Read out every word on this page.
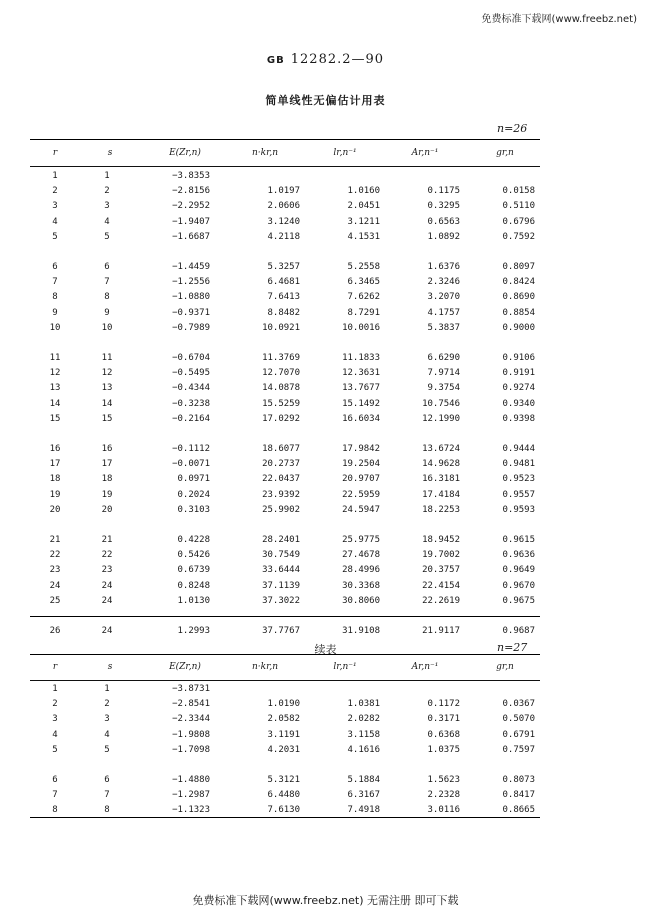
免费标准下载网(www.freebz.net)
GB 12282.2—90
简单线性无偏估计用表
n=26
r	s	E(Zr,n)	n·kr,n	lr,n⁻¹	Ar,n⁻¹	gr,n
1	1	−3.8353
2	2	−2.8156	1.0197	1.0160	0.1175	0.0158
3	3	−2.2952	2.0606	2.0451	0.3295	0.5110
4	4	−1.9407	3.1240	3.1211	0.6563	0.6796
5	5	−1.6687	4.2118	4.1531	1.0892	0.7592
6	6	−1.4459	5.3257	5.2558	1.6376	0.8097
7	7	−1.2556	6.4681	6.3465	2.3246	0.8424
8	8	−1.0880	7.6413	7.6262	3.2070	0.8690
9	9	−0.9371	8.8482	8.7291	4.1757	0.8854
10	10	−0.7989	10.0921	10.0016	5.3837	0.9000
11	11	−0.6704	11.3769	11.1833	6.6290	0.9106
12	12	−0.5495	12.7070	12.3631	7.9714	0.9191
13	13	−0.4344	14.0878	13.7677	9.3754	0.9274
14	14	−0.3238	15.5259	15.1492	10.7546	0.9340
15	15	−0.2164	17.0292	16.6034	12.1990	0.9398
16	16	−0.1112	18.6077	17.9842	13.6724	0.9444
17	17	−0.0071	20.2737	19.2504	14.9628	0.9481
18	18	0.0971	22.0437	20.9707	16.3181	0.9523
19	19	0.2024	23.9392	22.5959	17.4184	0.9557
20	20	0.3103	25.9902	24.5947	18.2253	0.9593
21	21	0.4228	28.2401	25.9775	18.9452	0.9615
22	22	0.5426	30.7549	27.4678	19.7002	0.9636
23	23	0.6739	33.6444	28.4996	20.3757	0.9649
24	24	0.8248	37.1139	30.3368	22.4154	0.9670
25	24	1.0130	37.3022	30.8060	22.2619	0.9675
26	24	1.2993	37.7767	31.9108	21.9117	0.9687
续表	n=27
r	s	E(Zr,n)	n·kr,n	lr,n⁻¹	Ar,n⁻¹	gr,n
1	1	−3.8731
2	2	−2.8541	1.0190	1.0381	0.1172	0.0367
3	3	−2.3344	2.0582	2.0282	0.3171	0.5070
4	4	−1.9808	3.1191	3.1158	0.6368	0.6791
5	5	−1.7098	4.2031	4.1616	1.0375	0.7597
6	6	−1.4880	5.3121	5.1884	1.5623	0.8073
7	7	−1.2987	6.4480	6.3167	2.2328	0.8417
8	8	−1.1323	7.6130	7.4918	3.0116	0.8665
免费标准下载网(www.freebz.net) 无需注册 即可下载
